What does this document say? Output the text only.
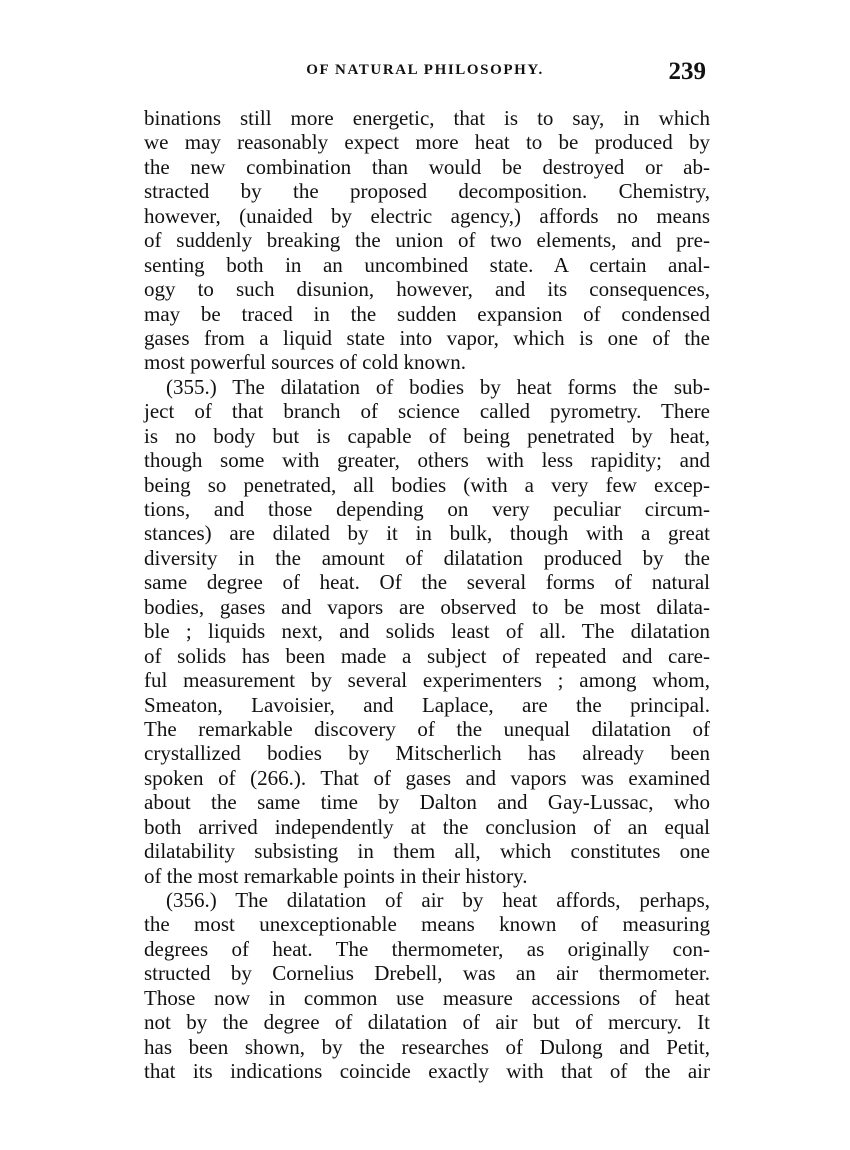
OF NATURAL PHILOSOPHY.	239
binations still more energetic, that is to say, in which
we may reasonably expect more heat to be produced by
the new combination than would be destroyed or ab-
stracted by the proposed decomposition. Chemistry,
however, (unaided by electric agency,) affords no means
of suddenly breaking the union of two elements, and pre-
senting both in an uncombined state. A certain anal-
ogy to such disunion, however, and its consequences,
may be traced in the sudden expansion of condensed
gases from a liquid state into vapor, which is one of the
most powerful sources of cold known.
(355.) The dilatation of bodies by heat forms the sub-
ject of that branch of science called pyrometry. There
is no body but is capable of being penetrated by heat,
though some with greater, others with less rapidity; and
being so penetrated, all bodies (with a very few excep-
tions, and those depending on very peculiar circum-
stances) are dilated by it in bulk, though with a great
diversity in the amount of dilatation produced by the
same degree of heat. Of the several forms of natural
bodies, gases and vapors are observed to be most dilata-
ble ; liquids next, and solids least of all. The dilatation
of solids has been made a subject of repeated and care-
ful measurement by several experimenters ; among whom,
Smeaton, Lavoisier, and Laplace, are the principal.
The remarkable discovery of the unequal dilatation of
crystallized bodies by Mitscherlich has already been
spoken of (266.). That of gases and vapors was examined
about the same time by Dalton and Gay-Lussac, who
both arrived independently at the conclusion of an equal
dilatability subsisting in them all, which constitutes one
of the most remarkable points in their history.
(356.) The dilatation of air by heat affords, perhaps,
the most unexceptionable means known of measuring
degrees of heat. The thermometer, as originally con-
structed by Cornelius Drebell, was an air thermometer.
Those now in common use measure accessions of heat
not by the degree of dilatation of air but of mercury. It
has been shown, by the researches of Dulong and Petit,
that its indications coincide exactly with that of the air
